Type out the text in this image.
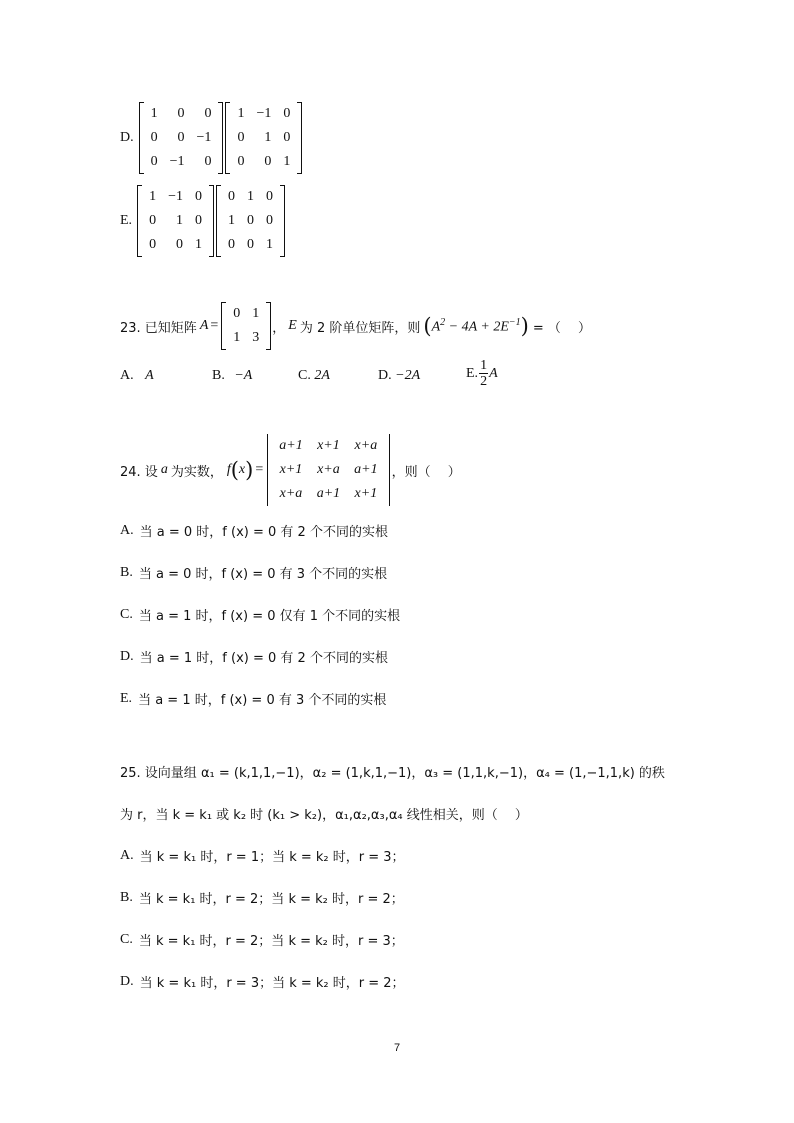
D.
1	0	0
0	0	−1
0	−1	0
1	−1	0
0	1	0
0	0	1
E.
1	−1	0
0	1	0
0	0	1
0	1	0
1	0	0
0	0	1
23. 已知矩阵 A =
0	1
1	3
， E 为 2 阶单位矩阵，则 ( $A^2 - 4A + 2E^{-1}$ ) = （　 ）
A. A	B. −A	C. 2A	D. −2A	E. $\frac{1}{2}$ A
24. 设 a 为实数， f ( x ) =
a+1	x+1	x+a
x+1	x+a	a+1
x+a	a+1	x+1
，则（　 ）
A. 当 a = 0 时， f (x) = 0 有 2 个不同的实根
B. 当 a = 0 时， f (x) = 0 有 3 个不同的实根
C. 当 a = 1 时， f (x) = 0 仅有 1 个不同的实根
D. 当 a = 1 时， f (x) = 0 有 2 个不同的实根
E. 当 a = 1 时， f (x) = 0 有 3 个不同的实根
25. 设向量组 α₁ = (k,1,1,−1)，α₂ = (1,k,1,−1)，α₃ = (1,1,k,−1)，α₄ = (1,−1,1,k) 的秩
为 r，当 k = k₁ 或 k₂ 时 (k₁ > k₂)，α₁,α₂,α₃,α₄ 线性相关，则（　 ）
A. 当 k = k₁ 时，r = 1；当 k = k₂ 时，r = 3；
B. 当 k = k₁ 时，r = 2；当 k = k₂ 时，r = 2；
C. 当 k = k₁ 时，r = 2；当 k = k₂ 时，r = 3；
D. 当 k = k₁ 时，r = 3；当 k = k₂ 时，r = 2；
7
